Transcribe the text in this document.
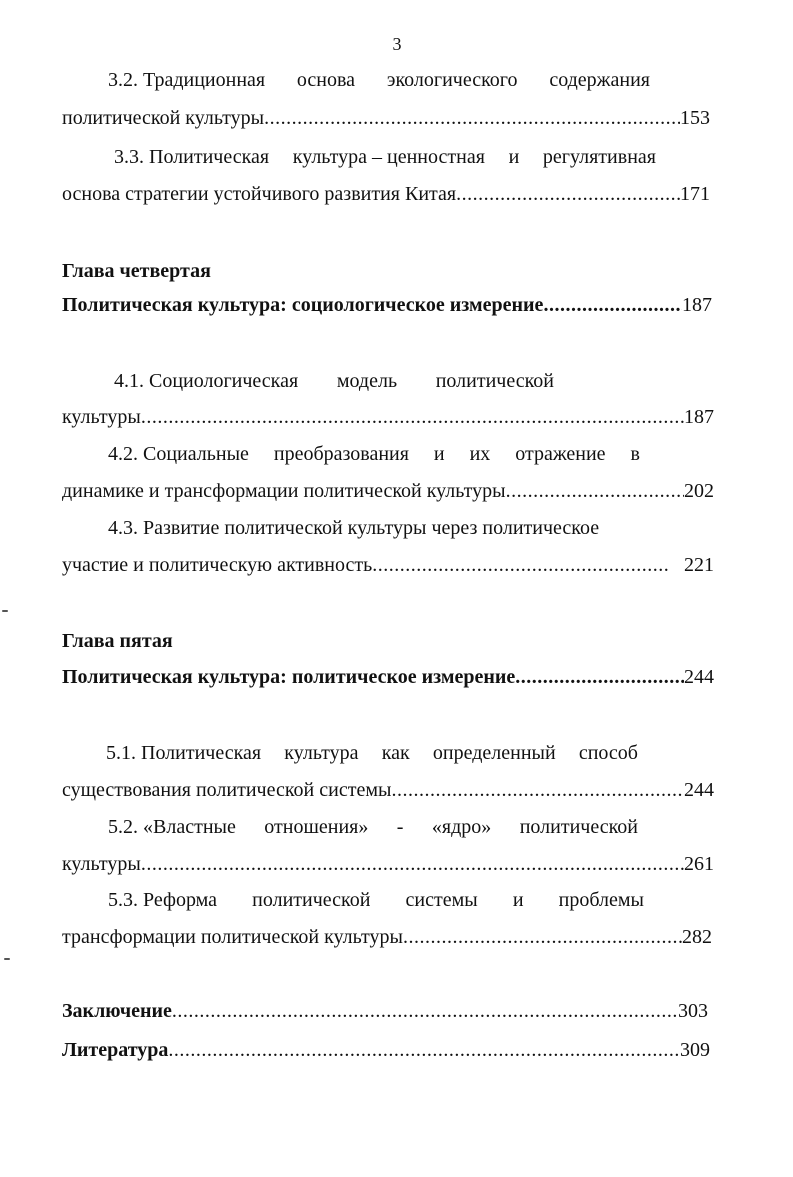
3
3.2. Традиционная основа экологического содержания
политической культуры .....	153
3.3. Политическая культура – ценностная и регулятивная
основа стратегии устойчивого развития Китая .....	171
Глава четвертая
Политическая культура: социологическое измерение .....	187
4.1. Социологическая модель политической
культуры .....	187
4.2. Социальные преобразования и их отражение в
динамике и трансформации политической культуры .....	202
4.3. Развитие политической культуры через политическое
участие и политическую активность .....	221
Глава пятая
Политическая культура: политическое измерение .....	244
5.1. Политическая культура как определенный способ
существования политической системы .....	244
5.2. «Властные отношения» - «ядро» политической
культуры .....	261
5.3. Реформа политической системы и проблемы
трансформации политической культуры .....	282
Заключение .....	303
Литература .....	309
